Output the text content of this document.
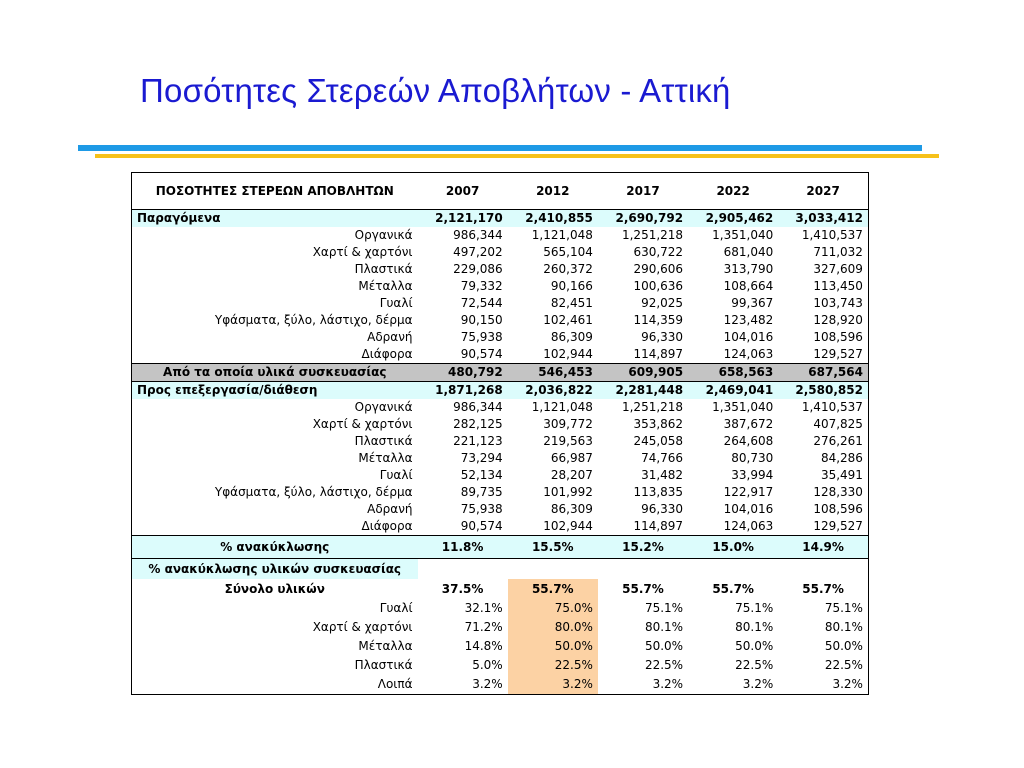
Ποσότητες Στερεών Αποβλήτων - Αττική
ΠΟΣΟΤΗΤΕΣ ΣΤΕΡΕΩΝ ΑΠΟΒΛΗΤΩΝ	2007	2012	2017	2022	2027
Παραγόμενα	2,121,170	2,410,855	2,690,792	2,905,462	3,033,412
Οργανικά	986,344	1,121,048	1,251,218	1,351,040	1,410,537
Χαρτί & χαρτόνι	497,202	565,104	630,722	681,040	711,032
Πλαστικά	229,086	260,372	290,606	313,790	327,609
Μέταλλα	79,332	90,166	100,636	108,664	113,450
Γυαλί	72,544	82,451	92,025	99,367	103,743
Υφάσματα, ξύλο, λάστιχο, δέρμα	90,150	102,461	114,359	123,482	128,920
Αδρανή	75,938	86,309	96,330	104,016	108,596
Διάφορα	90,574	102,944	114,897	124,063	129,527
Από τα οποία υλικά συσκευασίας	480,792	546,453	609,905	658,563	687,564
Προς επεξεργασία/διάθεση	1,871,268	2,036,822	2,281,448	2,469,041	2,580,852
Οργανικά	986,344	1,121,048	1,251,218	1,351,040	1,410,537
Χαρτί & χαρτόνι	282,125	309,772	353,862	387,672	407,825
Πλαστικά	221,123	219,563	245,058	264,608	276,261
Μέταλλα	73,294	66,987	74,766	80,730	84,286
Γυαλί	52,134	28,207	31,482	33,994	35,491
Υφάσματα, ξύλο, λάστιχο, δέρμα	89,735	101,992	113,835	122,917	128,330
Αδρανή	75,938	86,309	96,330	104,016	108,596
Διάφορα	90,574	102,944	114,897	124,063	129,527
% ανακύκλωσης	11.8%	15.5%	15.2%	15.0%	14.9%
% ανακύκλωσης υλικών συσκευασίας					
Σύνολο υλικών	37.5%	55.7%	55.7%	55.7%	55.7%
Γυαλί	32.1%	75.0%	75.1%	75.1%	75.1%
Χαρτί & χαρτόνι	71.2%	80.0%	80.1%	80.1%	80.1%
Μέταλλα	14.8%	50.0%	50.0%	50.0%	50.0%
Πλαστικά	5.0%	22.5%	22.5%	22.5%	22.5%
Λοιπά	3.2%	3.2%	3.2%	3.2%	3.2%
